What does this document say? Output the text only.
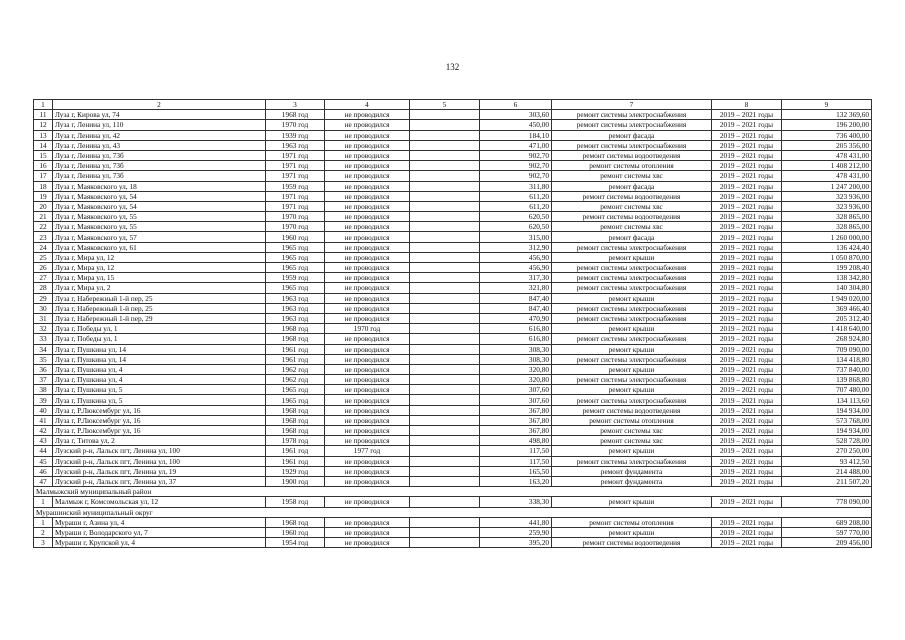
132
1	2	3	4	5	6	7	8	9
11	Луза г, Кирова ул, 74	1968 год	не проводился		303,60	ремонт системы электроснабжения	2019 – 2021 годы	132 369,60
12	Луза г, Ленина ул, 110	1970 год	не проводился		450,00	ремонт системы электроснабжения	2019 – 2021 годы	196 200,00
13	Луза г, Ленина ул, 42	1939 год	не проводился		184,10	ремонт фасада	2019 – 2021 годы	736 400,00
14	Луза г, Ленина ул, 43	1963 год	не проводился		471,00	ремонт системы электроснабжения	2019 – 2021 годы	205 356,00
15	Луза г, Ленина ул, 73б	1971 год	не проводился		902,70	ремонт системы водоотведения	2019 – 2021 годы	478 431,00
16	Луза г, Ленина ул, 73б	1971 год	не проводился		902,70	ремонт системы отопления	2019 – 2021 годы	1 408 212,00
17	Луза г, Ленина ул, 73б	1971 год	не проводился		902,70	ремонт системы хвс	2019 – 2021 годы	478 431,00
18	Луза г, Маяковского ул, 18	1959 год	не проводился		311,80	ремонт фасада	2019 – 2021 годы	1 247 200,00
19	Луза г, Маяковского ул, 54	1971 год	не проводился		611,20	ремонт системы водоотведения	2019 – 2021 годы	323 936,00
20	Луза г, Маяковского ул, 54	1971 год	не проводился		611,20	ремонт системы хвс	2019 – 2021 годы	323 936,00
21	Луза г, Маяковского ул, 55	1970 год	не проводился		620,50	ремонт системы водоотведения	2019 – 2021 годы	328 865,00
22	Луза г, Маяковского ул, 55	1970 год	не проводился		620,50	ремонт системы хвс	2019 – 2021 годы	328 865,00
23	Луза г, Маяковского ул, 57	1960 год	не проводился		315,00	ремонт фасада	2019 – 2021 годы	1 260 000,00
24	Луза г, Маяковского ул, 61	1965 год	не проводился		312,90	ремонт системы электроснабжения	2019 – 2021 годы	136 424,40
25	Луза г, Мира ул, 12	1965 год	не проводился		456,90	ремонт крыши	2019 – 2021 годы	1 050 870,00
26	Луза г, Мира ул, 12	1965 год	не проводился		456,90	ремонт системы электроснабжения	2019 – 2021 годы	199 208,40
27	Луза г, Мира ул, 15	1959 год	не проводился		317,30	ремонт системы электроснабжения	2019 – 2021 годы	138 342,80
28	Луза г, Мира ул, 2	1965 год	не проводился		321,80	ремонт системы электроснабжения	2019 – 2021 годы	140 304,80
29	Луза г, Набережный 1-й пер, 25	1963 год	не проводился		847,40	ремонт крыши	2019 – 2021 годы	1 949 020,00
30	Луза г, Набережный 1-й пер, 25	1963 год	не проводился		847,40	ремонт системы электроснабжения	2019 – 2021 годы	369 466,40
31	Луза г, Набережный 1-й пер, 29	1963 год	не проводился		470,90	ремонт системы электроснабжения	2019 – 2021 годы	205 312,40
32	Луза г, Победы ул, 1	1968 год	1970 год		616,80	ремонт крыши	2019 – 2021 годы	1 418 640,00
33	Луза г, Победы ул, 1	1968 год	не проводился		616,80	ремонт системы электроснабжения	2019 – 2021 годы	268 924,80
34	Луза г, Пушкина ул, 14	1961 год	не проводился		308,30	ремонт крыши	2019 – 2021 годы	709 090,00
35	Луза г, Пушкина ул, 14	1961 год	не проводился		308,30	ремонт системы электроснабжения	2019 – 2021 годы	134 418,80
36	Луза г, Пушкина ул, 4	1962 год	не проводился		320,80	ремонт крыши	2019 – 2021 годы	737 840,00
37	Луза г, Пушкина ул, 4	1962 год	не проводился		320,80	ремонт системы электроснабжения	2019 – 2021 годы	139 868,80
38	Луза г, Пушкина ул, 5	1965 год	не проводился		307,60	ремонт крыши	2019 – 2021 годы	707 480,00
39	Луза г, Пушкина ул, 5	1965 год	не проводился		307,60	ремонт системы электроснабжения	2019 – 2021 годы	134 113,60
40	Луза г, Р.Люксембург ул, 16	1968 год	не проводился		367,80	ремонт системы водоотведения	2019 – 2021 годы	194 934,00
41	Луза г, Р.Люксембург ул, 16	1968 год	не проводился		367,80	ремонт системы отопления	2019 – 2021 годы	573 768,00
42	Луза г, Р.Люксембург ул, 16	1968 год	не проводился		367,80	ремонт системы хвс	2019 – 2021 годы	194 934,00
43	Луза г, Титова ул, 2	1978 год	не проводился		498,80	ремонт системы хвс	2019 – 2021 годы	528 728,00
44	Лузский р-н, Лальск пгт, Ленина ул, 100	1961 год	1977 год		117,50	ремонт крыши	2019 – 2021 годы	270 250,00
45	Лузский р-н, Лальск пгт, Ленина ул, 100	1961 год	не проводился		117,50	ремонт системы электроснабжения	2019 – 2021 годы	93 412,50
46	Лузский р-н, Лальск пгт, Ленина ул, 19	1929 год	не проводился		165,50	ремонт фундамента	2019 – 2021 годы	214 488,00
47	Лузский р-н, Лальск пгт, Ленина ул, 37	1900 год	не проводился		163,20	ремонт фундамента	2019 – 2021 годы	211 507,20
Малмыжский муниципальный район								
1	Малмыж г, Комсомольская ул, 12	1958 год	не проводился		338,30	ремонт крыши	2019 – 2021 годы	778 090,00
Мурашинский муниципальный округ								
1	Мураши г, Азина ул, 4	1968 год	не проводился		441,80	ремонт системы отопления	2019 – 2021 годы	689 208,00
2	Мураши г, Володарского ул, 7	1960 год	не проводился		259,90	ремонт крыши	2019 – 2021 годы	597 770,00
3	Мураши г, Крупской ул, 4	1954 год	не проводился		395,20	ремонт системы водоотведения	2019 – 2021 годы	209 456,00
